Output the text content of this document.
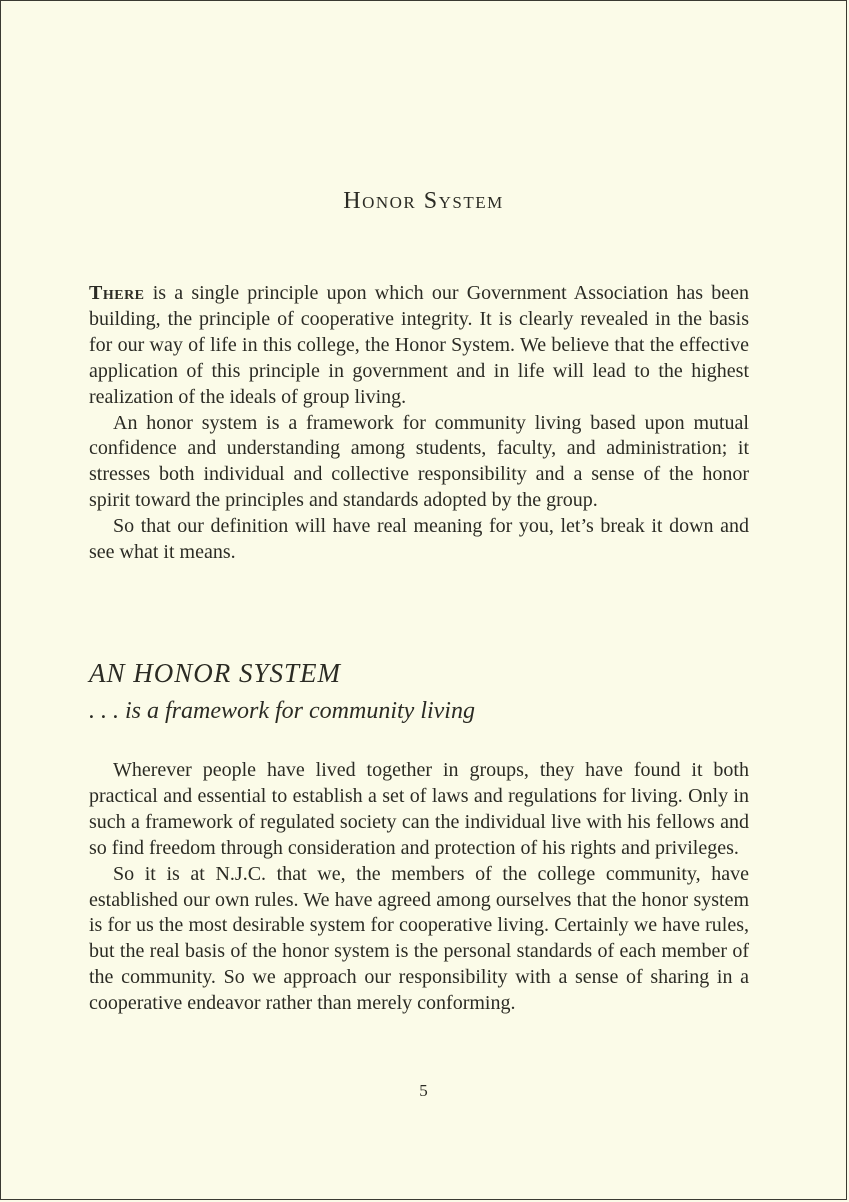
Honor System

There is a single principle upon which our Government Association has been building, the principle of cooperative integrity. It is clearly revealed in the basis for our way of life in this college, the Honor System. We believe that the effective application of this principle in government and in life will lead to the highest realization of the ideals of group living.

An honor system is a framework for community living based upon mutual confidence and understanding among students, faculty, and administration; it stresses both individual and collective responsibility and a sense of the honor spirit toward the principles and standards adopted by the group.

So that our definition will have real meaning for you, let’s break it down and see what it means.

AN HONOR SYSTEM
. . . is a framework for community living

Wherever people have lived together in groups, they have found it both practical and essential to establish a set of laws and regulations for living. Only in such a framework of regulated society can the individual live with his fellows and so find freedom through consideration and protection of his rights and privileges.

So it is at N.J.C. that we, the members of the college community, have established our own rules. We have agreed among ourselves that the honor system is for us the most desirable system for cooperative living. Certainly we have rules, but the real basis of the honor system is the personal standards of each member of the community. So we approach our responsibility with a sense of sharing in a cooperative endeavor rather than merely conforming.

5
